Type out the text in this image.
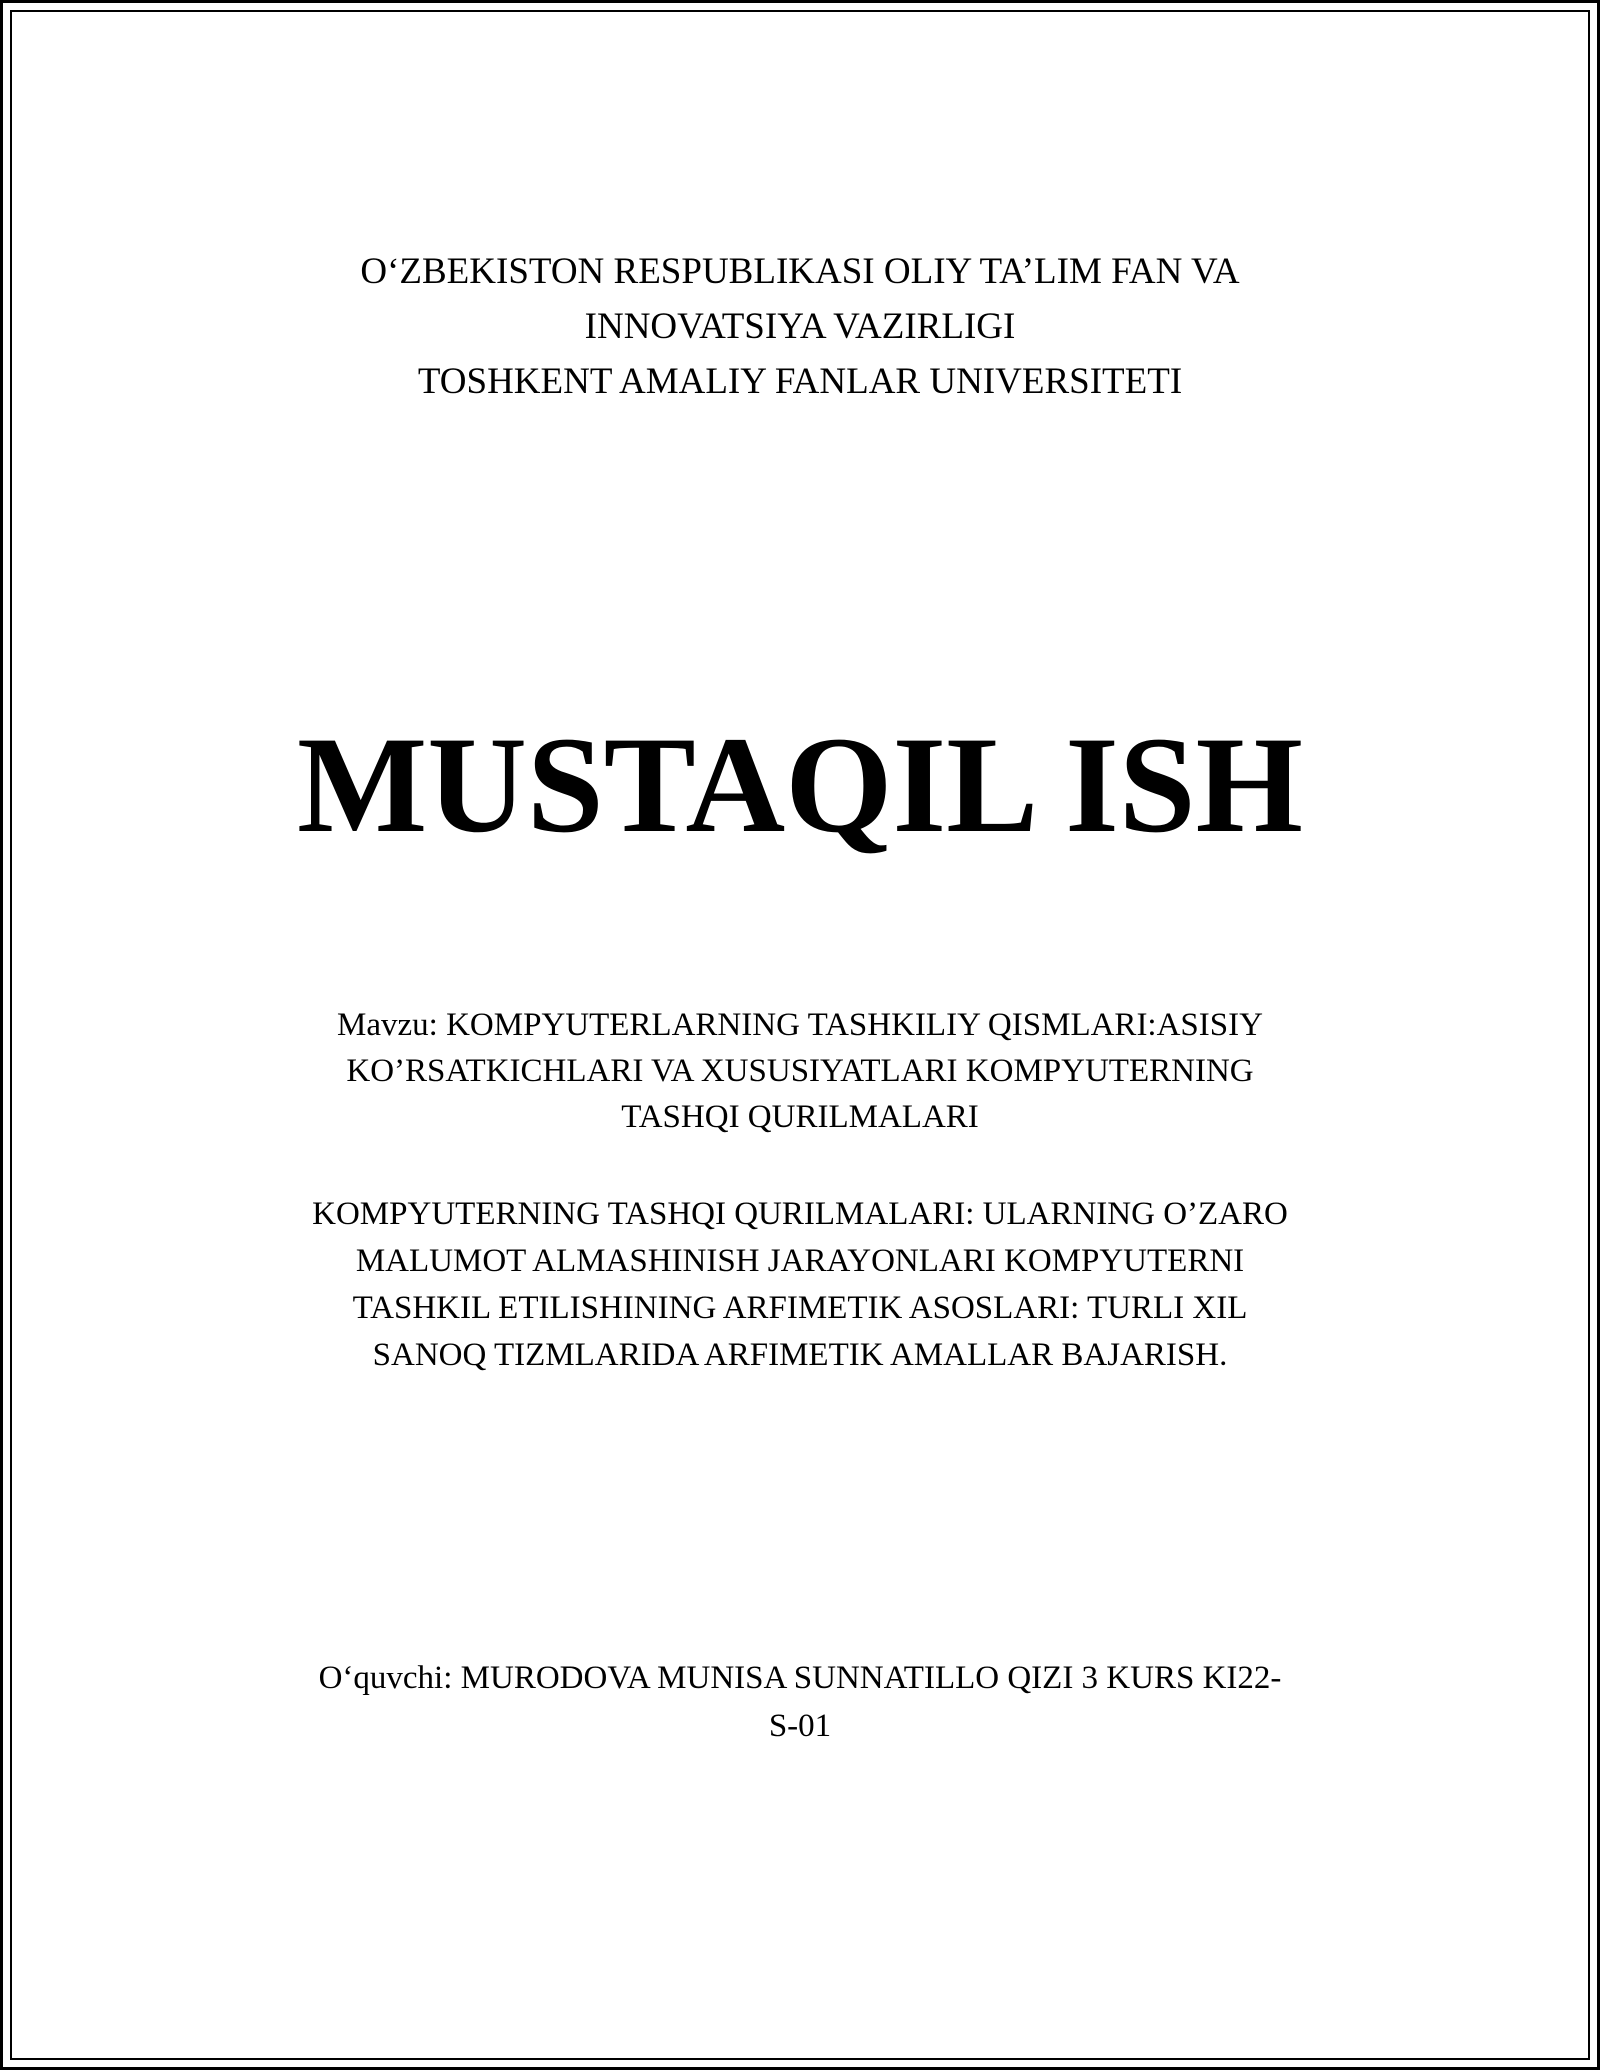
O‘ZBEKISTON RESPUBLIKASI OLIY TA’LIM FAN VA
INNOVATSIYA VAZIRLIGI
TOSHKENT AMALIY FANLAR UNIVERSITETI
MUSTAQIL ISH
Mavzu: KOMPYUTERLARNING TASHKILIY QISMLARI:ASISIY
KO’RSATKICHLARI VA XUSUSIYATLARI KOMPYUTERNING
TASHQI QURILMALARI
KOMPYUTERNING TASHQI QURILMALARI: ULARNING O’ZARO
MALUMOT ALMASHINISH JARAYONLARI KOMPYUTERNI
TASHKIL ETILISHINING ARFIMETIK ASOSLARI: TURLI XIL
SANOQ TIZMLARIDA ARFIMETIK AMALLAR BAJARISH.
O‘quvchi: MURODOVA MUNISA SUNNATILLO QIZI 3 KURS KI22-
S-01
